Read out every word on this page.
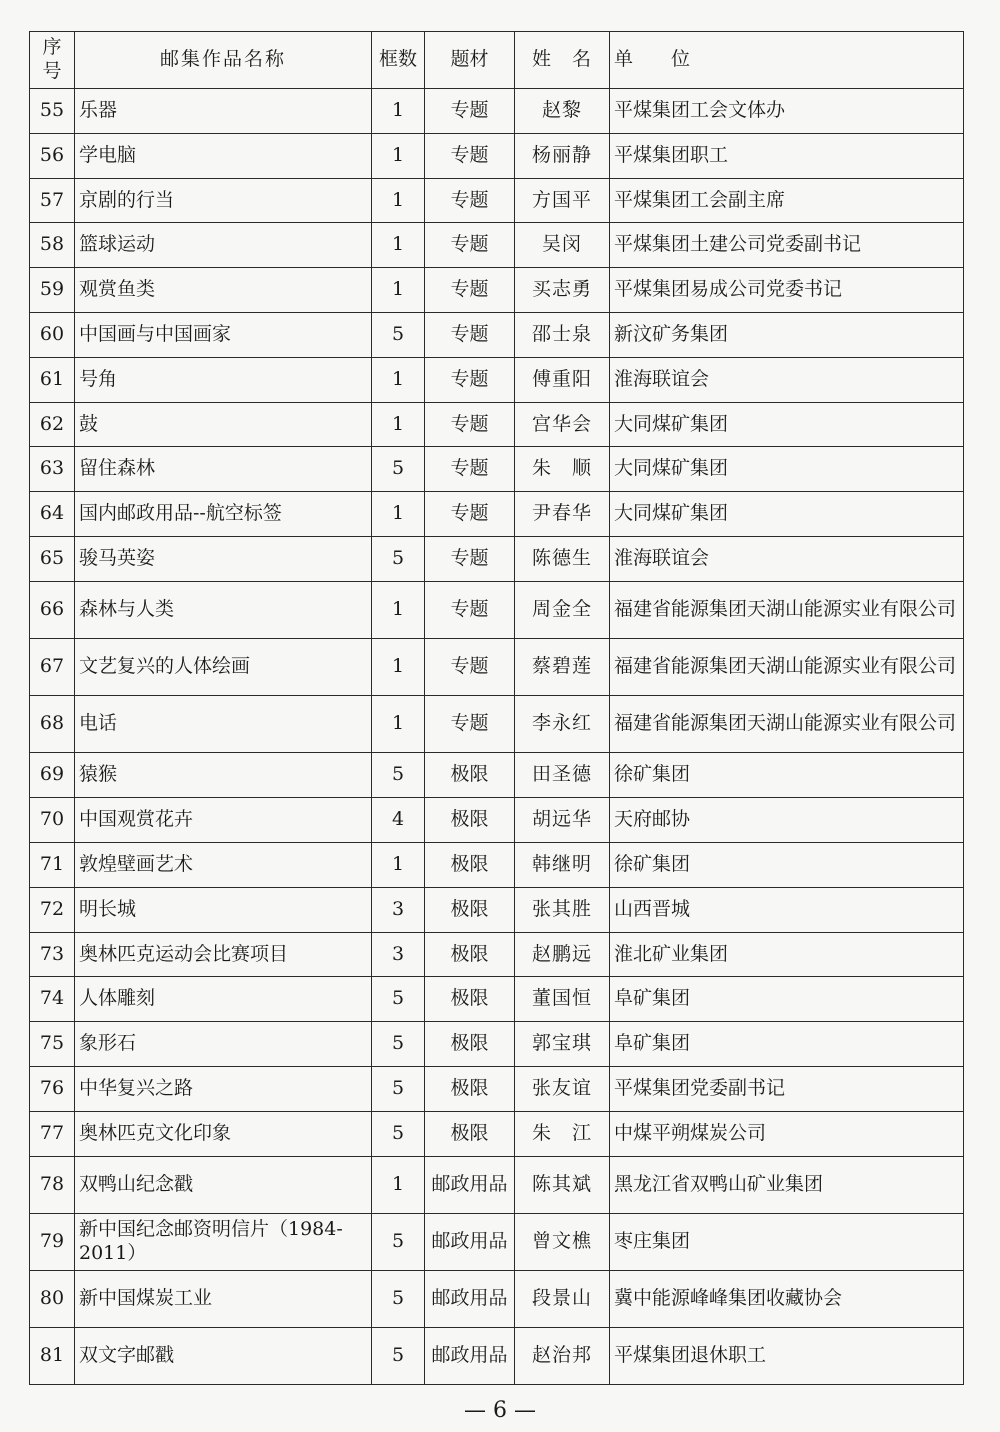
序号	邮集作品名称	框数	题材	姓　名	单　　位
55	乐器	1	专题	赵黎	平煤集团工会文体办
56	学电脑	1	专题	杨丽静	平煤集团职工
57	京剧的行当	1	专题	方国平	平煤集团工会副主席
58	篮球运动	1	专题	吴闵	平煤集团土建公司党委副书记
59	观赏鱼类	1	专题	买志勇	平煤集团易成公司党委书记
60	中国画与中国画家	5	专题	邵士泉	新汶矿务集团
61	号角	1	专题	傅重阳	淮海联谊会
62	鼓	1	专题	宫华会	大同煤矿集团
63	留住森林	5	专题	朱　顺	大同煤矿集团
64	国内邮政用品--航空标签	1	专题	尹春华	大同煤矿集团
65	骏马英姿	5	专题	陈德生	淮海联谊会
66	森林与人类	1	专题	周金全	福建省能源集团天湖山能源实业有限公司
67	文艺复兴的人体绘画	1	专题	蔡碧莲	福建省能源集团天湖山能源实业有限公司
68	电话	1	专题	李永红	福建省能源集团天湖山能源实业有限公司
69	猿猴	5	极限	田圣德	徐矿集团
70	中国观赏花卉	4	极限	胡远华	天府邮协
71	敦煌壁画艺术	1	极限	韩继明	徐矿集团
72	明长城	3	极限	张其胜	山西晋城
73	奥林匹克运动会比赛项目	3	极限	赵鹏远	淮北矿业集团
74	人体雕刻	5	极限	董国恒	阜矿集团
75	象形石	5	极限	郭宝琪	阜矿集团
76	中华复兴之路	5	极限	张友谊	平煤集团党委副书记
77	奥林匹克文化印象	5	极限	朱　江	中煤平朔煤炭公司
78	双鸭山纪念戳	1	邮政用品	陈其斌	黑龙江省双鸭山矿业集团
79	新中国纪念邮资明信片（1984-2011）	5	邮政用品	曾文樵	枣庄集团
80	新中国煤炭工业	5	邮政用品	段景山	冀中能源峰峰集团收藏协会
81	双文字邮戳	5	邮政用品	赵治邦	平煤集团退休职工
— 6 —
